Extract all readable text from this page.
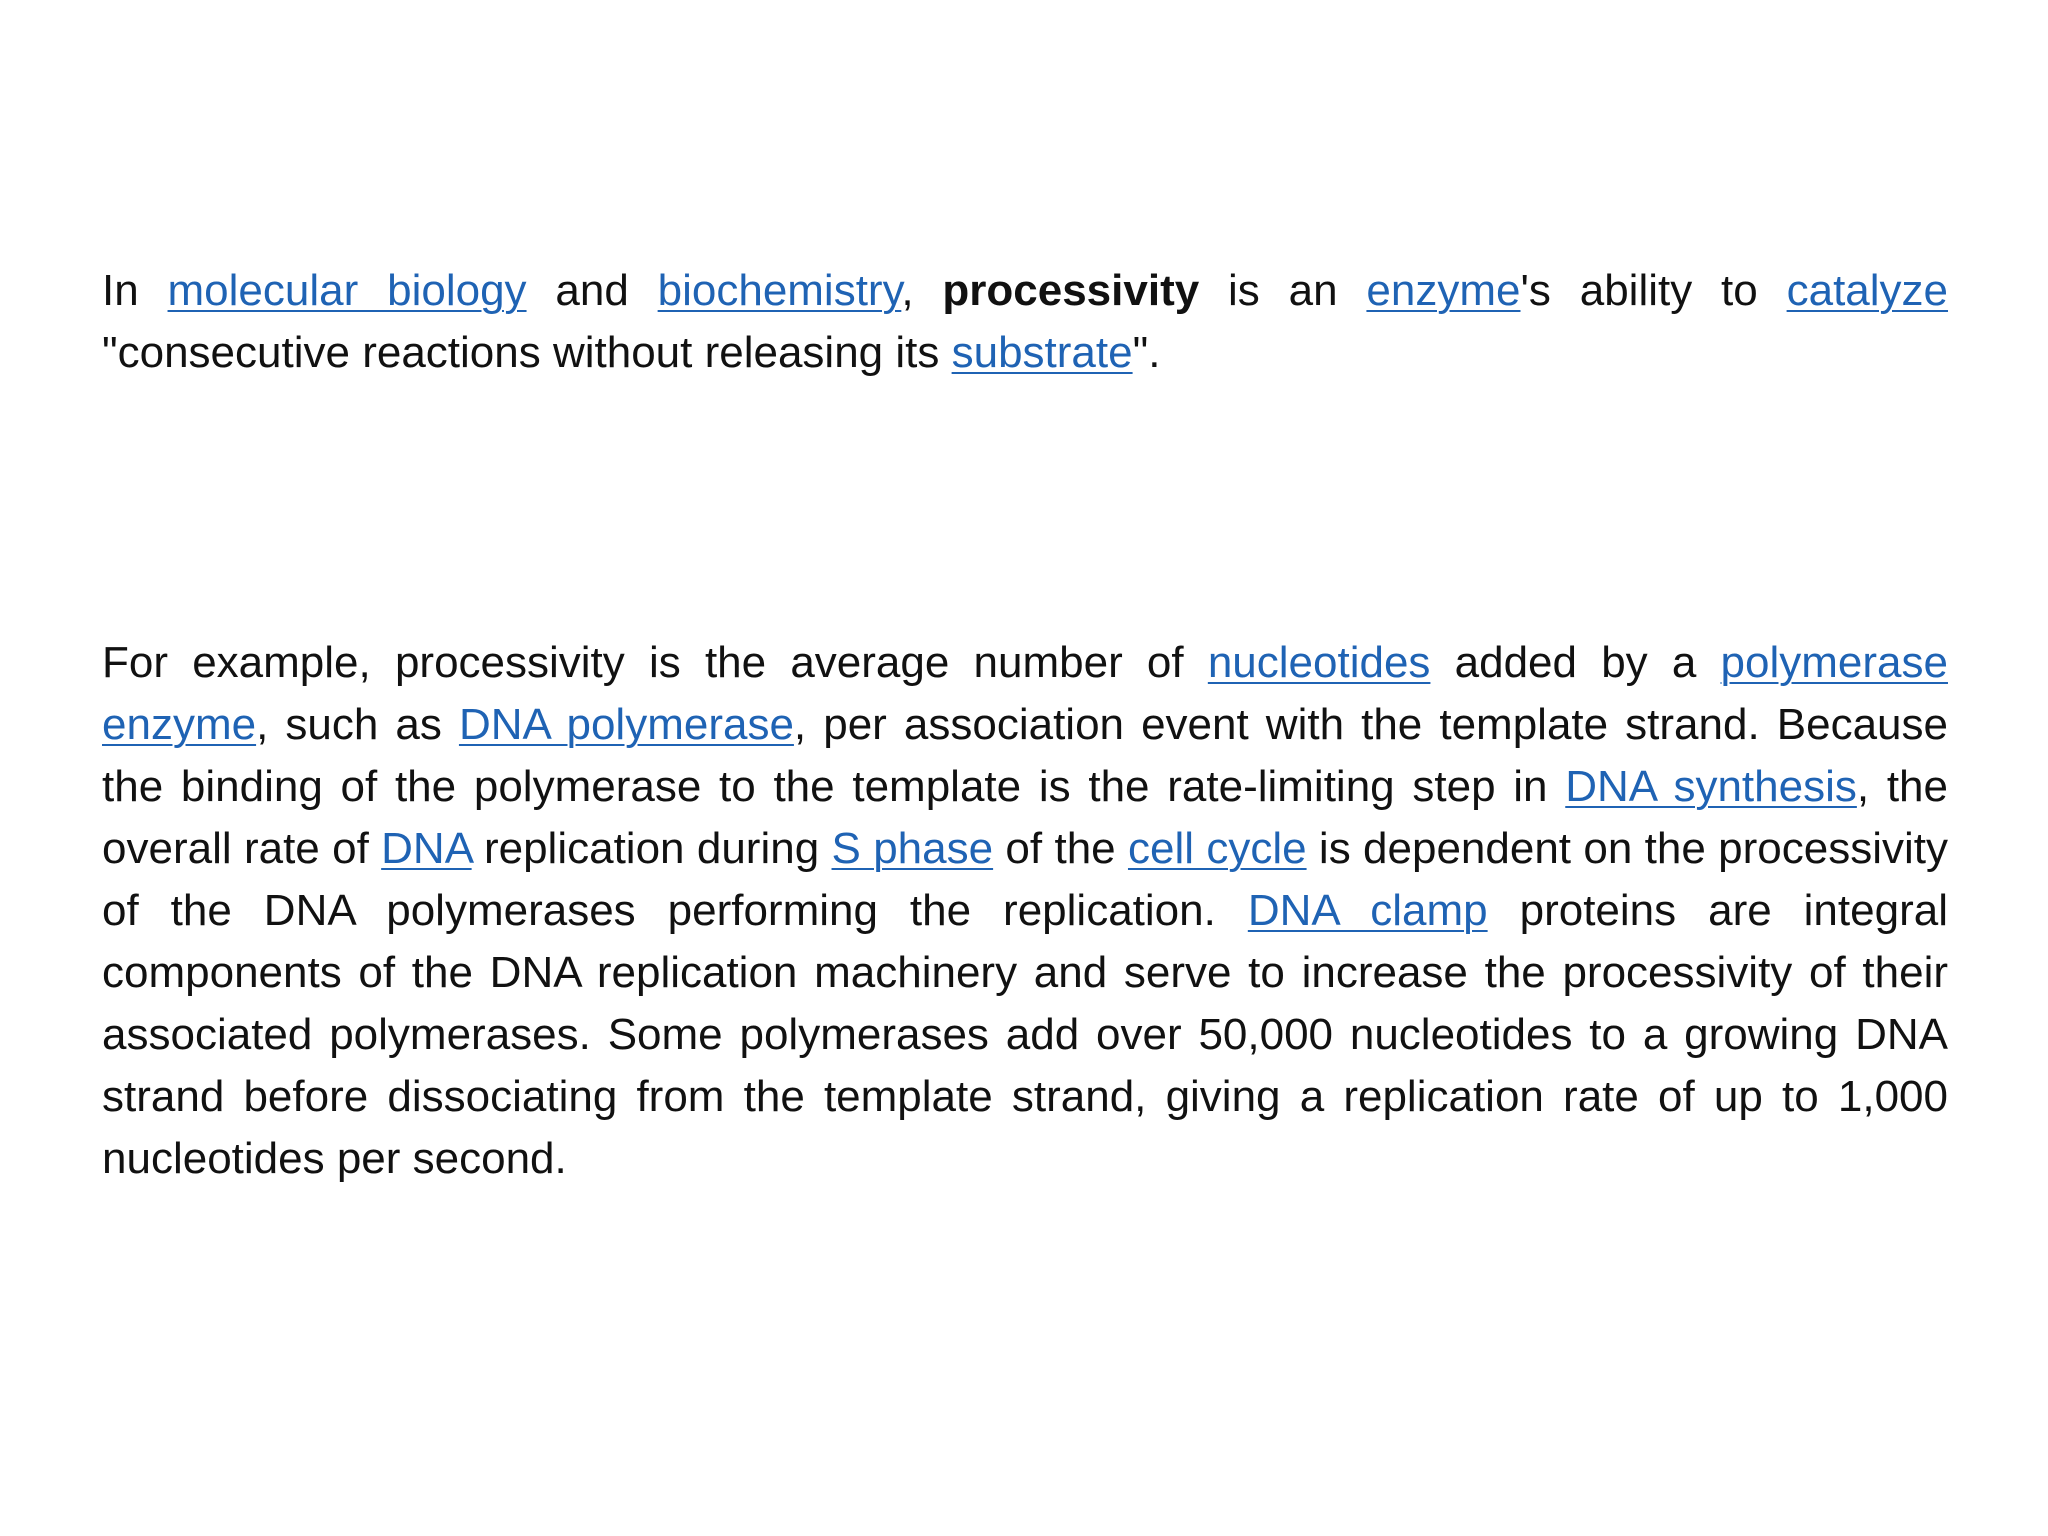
In molecular biology and biochemistry, processivity is an enzyme's ability to catalyze "consecutive reactions without releasing its substrate".

For example, processivity is the average number of nucleotides added by a polymerase enzyme, such as DNA polymerase, per association event with the template strand. Because the binding of the polymerase to the template is the rate-limiting step in DNA synthesis, the overall rate of DNA replication during S phase of the cell cycle is dependent on the processivity of the DNA polymerases performing the replication. DNA clamp proteins are integral components of the DNA replication machinery and serve to increase the processivity of their associated polymerases. Some polymerases add over 50,000 nucleotides to a growing DNA strand before dissociating from the template strand, giving a replication rate of up to 1,000 nucleotides per second.
